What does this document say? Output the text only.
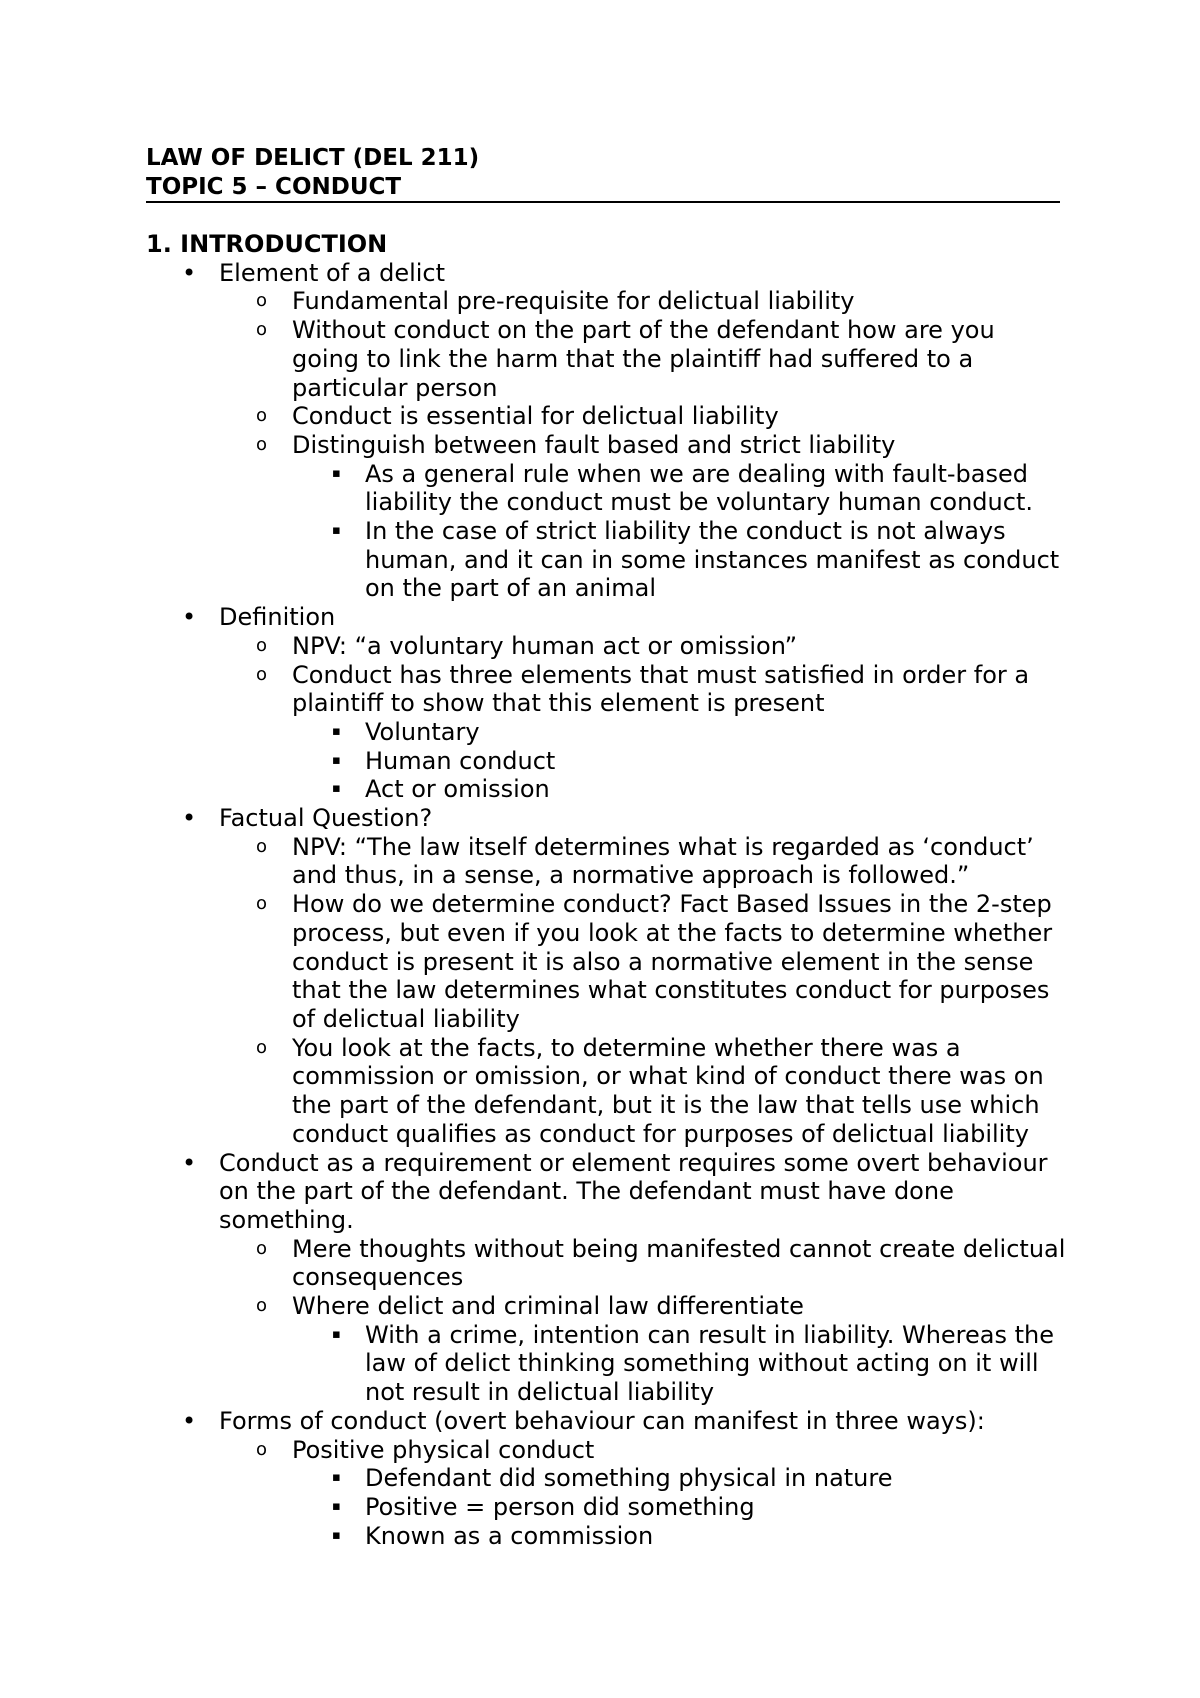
LAW OF DELICT (DEL 211)
TOPIC 5 – CONDUCT
1. INTRODUCTION
• Element of a delict
o Fundamental pre-requisite for delictual liability
o Without conduct on the part of the defendant how are you going to link the harm that the plaintiff had suffered to a particular person
o Conduct is essential for delictual liability
o Distinguish between fault based and strict liability
▪ As a general rule when we are dealing with fault-based liability the conduct must be voluntary human conduct.
▪ In the case of strict liability the conduct is not always human, and it can in some instances manifest as conduct on the part of an animal
• Definition
o NPV: “a voluntary human act or omission”
o Conduct has three elements that must satisfied in order for a plaintiff to show that this element is present
▪ Voluntary
▪ Human conduct
▪ Act or omission
• Factual Question?
o NPV: “The law itself determines what is regarded as ‘conduct’ and thus, in a sense, a normative approach is followed.”
o How do we determine conduct? Fact Based Issues in the 2-step process, but even if you look at the facts to determine whether conduct is present it is also a normative element in the sense that the law determines what constitutes conduct for purposes of delictual liability
o You look at the facts, to determine whether there was a commission or omission, or what kind of conduct there was on the part of the defendant, but it is the law that tells use which conduct qualifies as conduct for purposes of delictual liability
• Conduct as a requirement or element requires some overt behaviour on the part of the defendant. The defendant must have done something.
o Mere thoughts without being manifested cannot create delictual consequences
o Where delict and criminal law differentiate
▪ With a crime, intention can result in liability. Whereas the law of delict thinking something without acting on it will not result in delictual liability
• Forms of conduct (overt behaviour can manifest in three ways):
o Positive physical conduct
▪ Defendant did something physical in nature
▪ Positive = person did something
▪ Known as a commission
